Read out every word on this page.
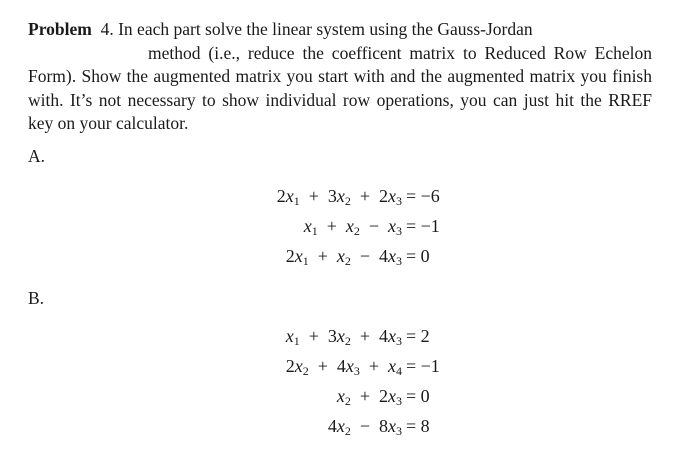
Problem 4. In each part solve the linear system using the Gauss-Jordan
method (i.e., reduce the coefficent matrix to Reduced Row Echelon Form). Show the augmented matrix you start with and the augmented matrix you finish with. It’s not necessary to show individual row operations, you can just hit the RREF key on your calculator.
A.
$2x_1$  +  $3x_2$  +  $2x_3 = -6$
$x_1$  +  $x_2$  −  $x_3 = -1$
$2x_1$  +  $x_2$  −  $4x_3 = 0$
B.
$x_1$  +  $3x_2$  +  $4x_3 = 2$
$2x_2$  +  $4x_3$  +  $x_4 = -1$
$x_2$  +  $2x_3 = 0$
$4x_2$  −  $8x_3 = 8$
